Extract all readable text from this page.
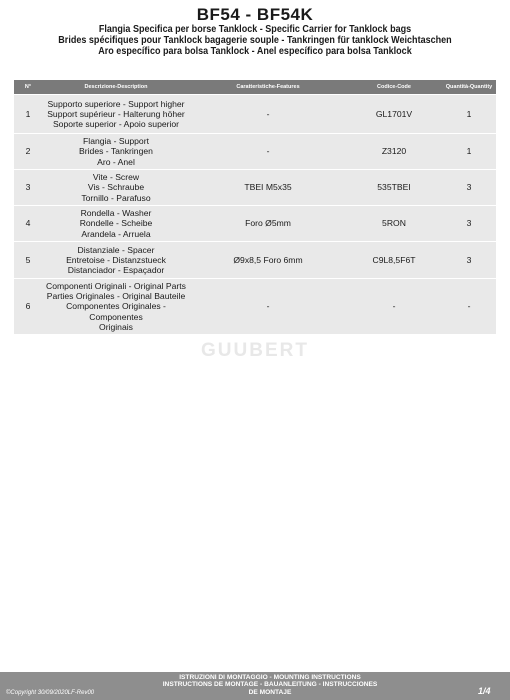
BF54 - BF54K
Flangia Specifica per borse Tanklock - Specific Carrier for Tanklock bags
Brides spécifiques pour Tanklock bagagerie souple - Tankringen für tanklock Weichtaschen
Aro específico para bolsa Tanklock - Anel específico para bolsa Tanklock
N°	Descrizione-Description	Caratteristiche-Features	Codice-Code	Quantità-Quantity
1	Supporto superiore - Support higher
Support supérieur - Halterung höher
Soporte superior - Apoio superior	-	GL1701V	1
2	Flangia - Support
Brides - Tankringen
Aro - Anel	-	Z3120	1
3	Vite - Screw
Vis - Schraube
Tornillo - Parafuso	TBEI M5x35	535TBEI	3
4	Rondella - Washer
Rondelle - Scheibe
Arandela - Arruela	Foro Ø5mm	5RON	3
5	Distanziale - Spacer
Entretoise - Distanzstueck
Distanciador - Espaçador	Ø9x8,5 Foro 6mm	C9L8,5F6T	3
6	Componenti Originali - Original Parts
Parties Originales - Original Bauteile
Componentes Originales - Componentes
Originais	-	-	-
GUUBERT
ISTRUZIONI DI MONTAGGIO - MOUNTING INSTRUCTIONS
INSTRUCTIONS DE MONTAGE - BAUANLEITUNG - INSTRUCCIONES
DE MONTAJE
©Copyright 30/09/2020LF-Rev00	1/4
